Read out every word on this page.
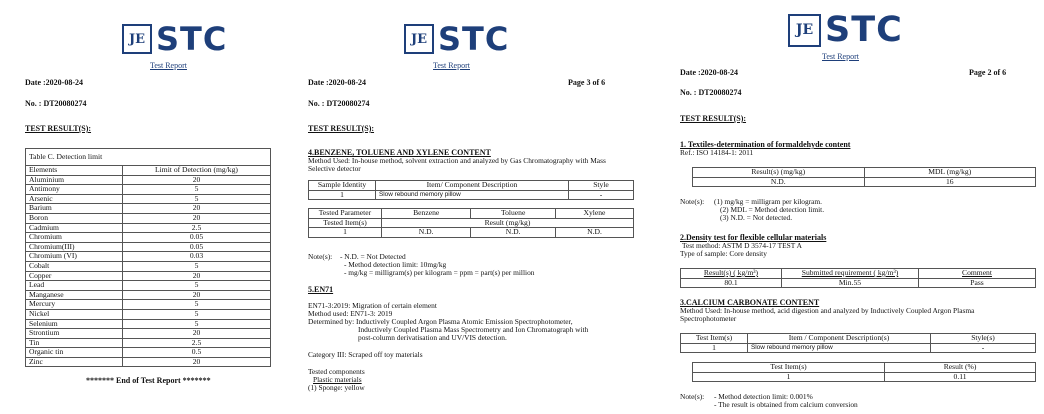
JE STC
Test Report
Date :2020-08-24
No. : DT20080274
TEST RESULT(S):
Table C. Detection limit	
Elements	Limit of Detection (mg/kg)
Aluminium	20
Antimony	5
Arsenic	5
Barium	20
Boron	20
Cadmium	2.5
Chromium	0.05
Chromium(III)	0.05
Chromium (VI)	0.03
Cobalt	5
Copper	20
Lead	5
Manganese	20
Mercury	5
Nickel	5
Selenium	5
Strontium	20
Tin	2.5
Organic tin	0.5
Zinc	20
******* End of Test Report *******
JE STC
Test Report
Date :2020-08-24	Page 3 of 6
No. : DT20080274
TEST RESULT(S):
4.BENZENE, TOLUENE AND XYLENE CONTENT
Method Used: In-house method, solvent extraction and analyzed by Gas Chromatography with Mass
Selective detector
Sample Identity	Item/ Component Description	Style
1	Slow rebound memory pillow	-
Tested Parameter	Benzene	Toluene	Xylene
Tested Item(s)	Result (mg/kg)		
1	N.D.	N.D.	N.D.
Note(s): - N.D. = Not Detected
- Method detection limit: 10mg/kg
- mg/kg = milligram(s) per kilogram = ppm = part(s) per million
5.EN71
EN71-3:2019: Migration of certain element
Method used: EN71-3: 2019
Determined by: Inductively Coupled Argon Plasma Atomic Emission Spectrophotometer,
Inductively Coupled Plasma Mass Spectrometry and Ion Chromatograph with
post-column derivatisation and UV/VIS detection.
Category III: Scraped off toy materials
Tested components
Plastic materials
(1) Sponge: yellow
JE STC
Test Report
Date :2020-08-24	Page 2 of 6
No. : DT20080274
TEST RESULT(S):
1. Textiles-determination of formaldehyde content
Ref.: ISO 14184-1: 2011
Result(s) (mg/kg)	MDL (mg/kg)
N.D.	16
Note(s): (1) mg/kg = milligram per kilogram.
(2) MDL = Method detection limit.
(3) N.D. = Not detected.
2.Density test for flexible cellular materials
Test method: ASTM D 3574-17 TEST A
Type of sample: Core density
Result(s) ( kg/m³)	Submitted requirement ( kg/m³)	Comment
80.1	Min.55	Pass
3.CALCIUM CARBONATE CONTENT
Method Used: In-house method, acid digestion and analyzed by Inductively Coupled Argon Plasma
Spectrophotometer
Test Item(s)	Item / Component Description(s)	Style(s)
1	Slow rebound memory pillow	-
Test Item(s)	Result (%)
1	0.11
Note(s): - Method detection limit: 0.001%
- The result is obtained from calcium conversion
